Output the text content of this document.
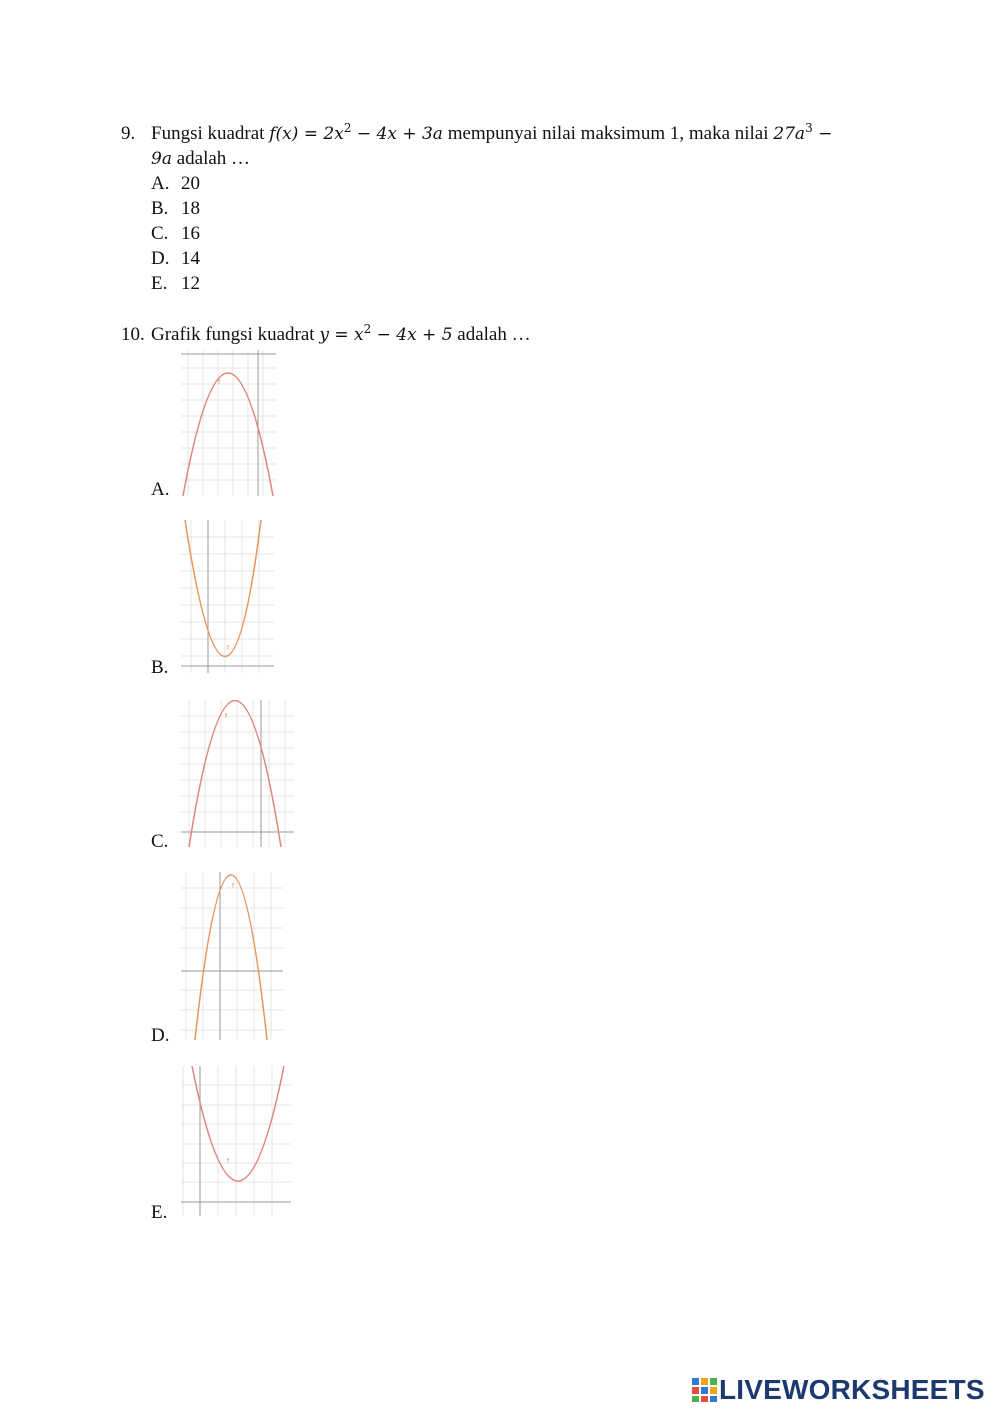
9. Fungsi kuadrat $f(x) = 2x^2 - 4x + 3a$ mempunyai nilai maksimum 1, maka nilai $27a^3$ −
9a adalah …
A. 20
B. 18
C. 16
D. 14
E. 12
10. Grafik fungsi kuadrat $y = x^2 - 4x + 5$ adalah …
A.
f
B.
f
C.
f
D.
f
E.
f
LIVEWORKSHEETS
